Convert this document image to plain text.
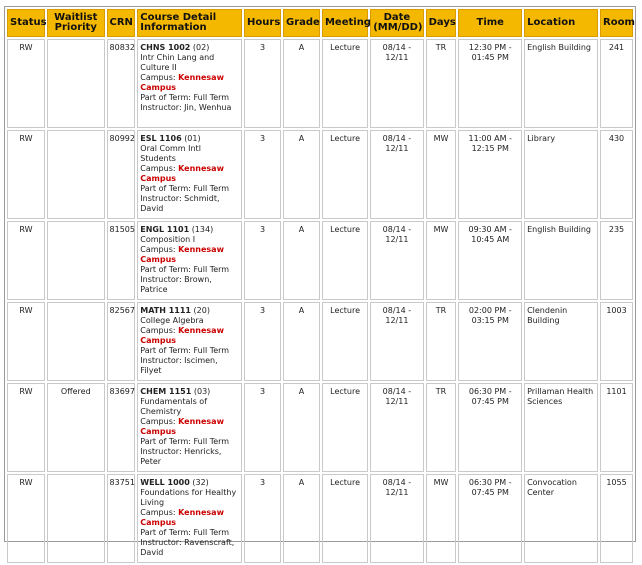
Status	Waitlist Priority	CRN	Course Detail Information	Hours	Grade	Meeting	Date (MM/DD)	Days	Time	Location	Room
RW		80832	CHNS 1002 (02)
Intr Chin Lang and Culture II
Campus: Kennesaw Campus
Part of Term: Full Term
Instructor: Jin, Wenhua	3	A	Lecture	08/14 - 12/11	TR	12:30 PM - 01:45 PM	English Building	241
RW		80992	ESL 1106 (01)
Oral Comm Intl Students
Campus: Kennesaw Campus
Part of Term: Full Term
Instructor: Schmidt, David	3	A	Lecture	08/14 - 12/11	MW	11:00 AM - 12:15 PM	Library	430
RW		81505	ENGL 1101 (134)
Composition I
Campus: Kennesaw Campus
Part of Term: Full Term
Instructor: Brown, Patrice	3	A	Lecture	08/14 - 12/11	MW	09:30 AM - 10:45 AM	English Building	235
RW		82567	MATH 1111 (20)
College Algebra
Campus: Kennesaw Campus
Part of Term: Full Term
Instructor: Iscimen, Filyet	3	A	Lecture	08/14 - 12/11	TR	02:00 PM - 03:15 PM	Clendenin Building	1003
RW	Offered	83697	CHEM 1151 (03)
Fundamentals of Chemistry
Campus: Kennesaw Campus
Part of Term: Full Term
Instructor: Henricks, Peter	3	A	Lecture	08/14 - 12/11	TR	06:30 PM - 07:45 PM	Prillaman Health Sciences	1101
RW		83751	WELL 1000 (32)
Foundations for Healthy Living
Campus: Kennesaw Campus
Part of Term: Full Term
Instructor: Ravenscraft, David	3	A	Lecture	08/14 - 12/11	MW	06:30 PM - 07:45 PM	Convocation Center	1055
